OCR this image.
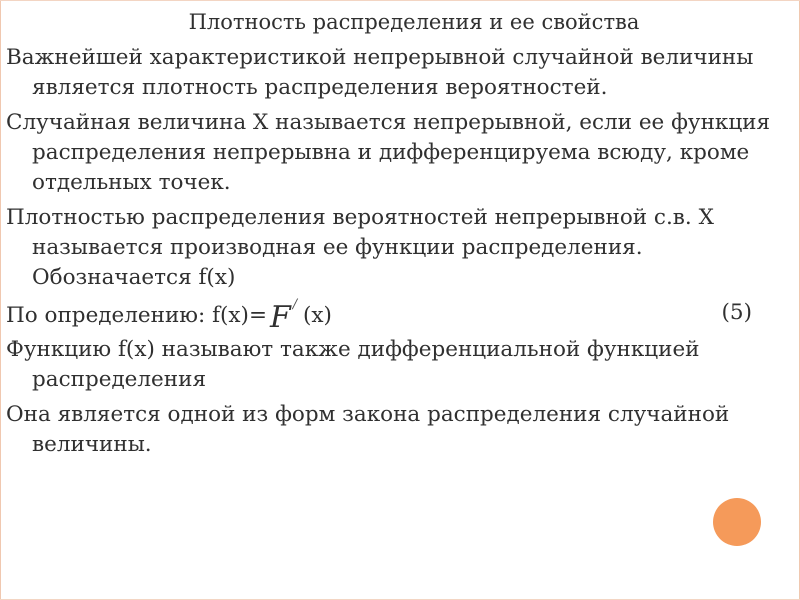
Плотность распределения и ее свойства

Важнейшей характеристикой непрерывной случайной величины является плотность распределения вероятностей.

Случайная величина Х называется непрерывной, если ее функция распределения непрерывна и дифференцируема всюду, кроме отдельных точек.

Плотностью распределения вероятностей непрерывной с.в. Х называется производная ее функции распределения. Обозначается f(x)

По определению: f(x)= F/ (x)	(5)

Функцию f(x) называют также дифференциальной функцией распределения

Она является одной из форм закона распределения случайной величины.
